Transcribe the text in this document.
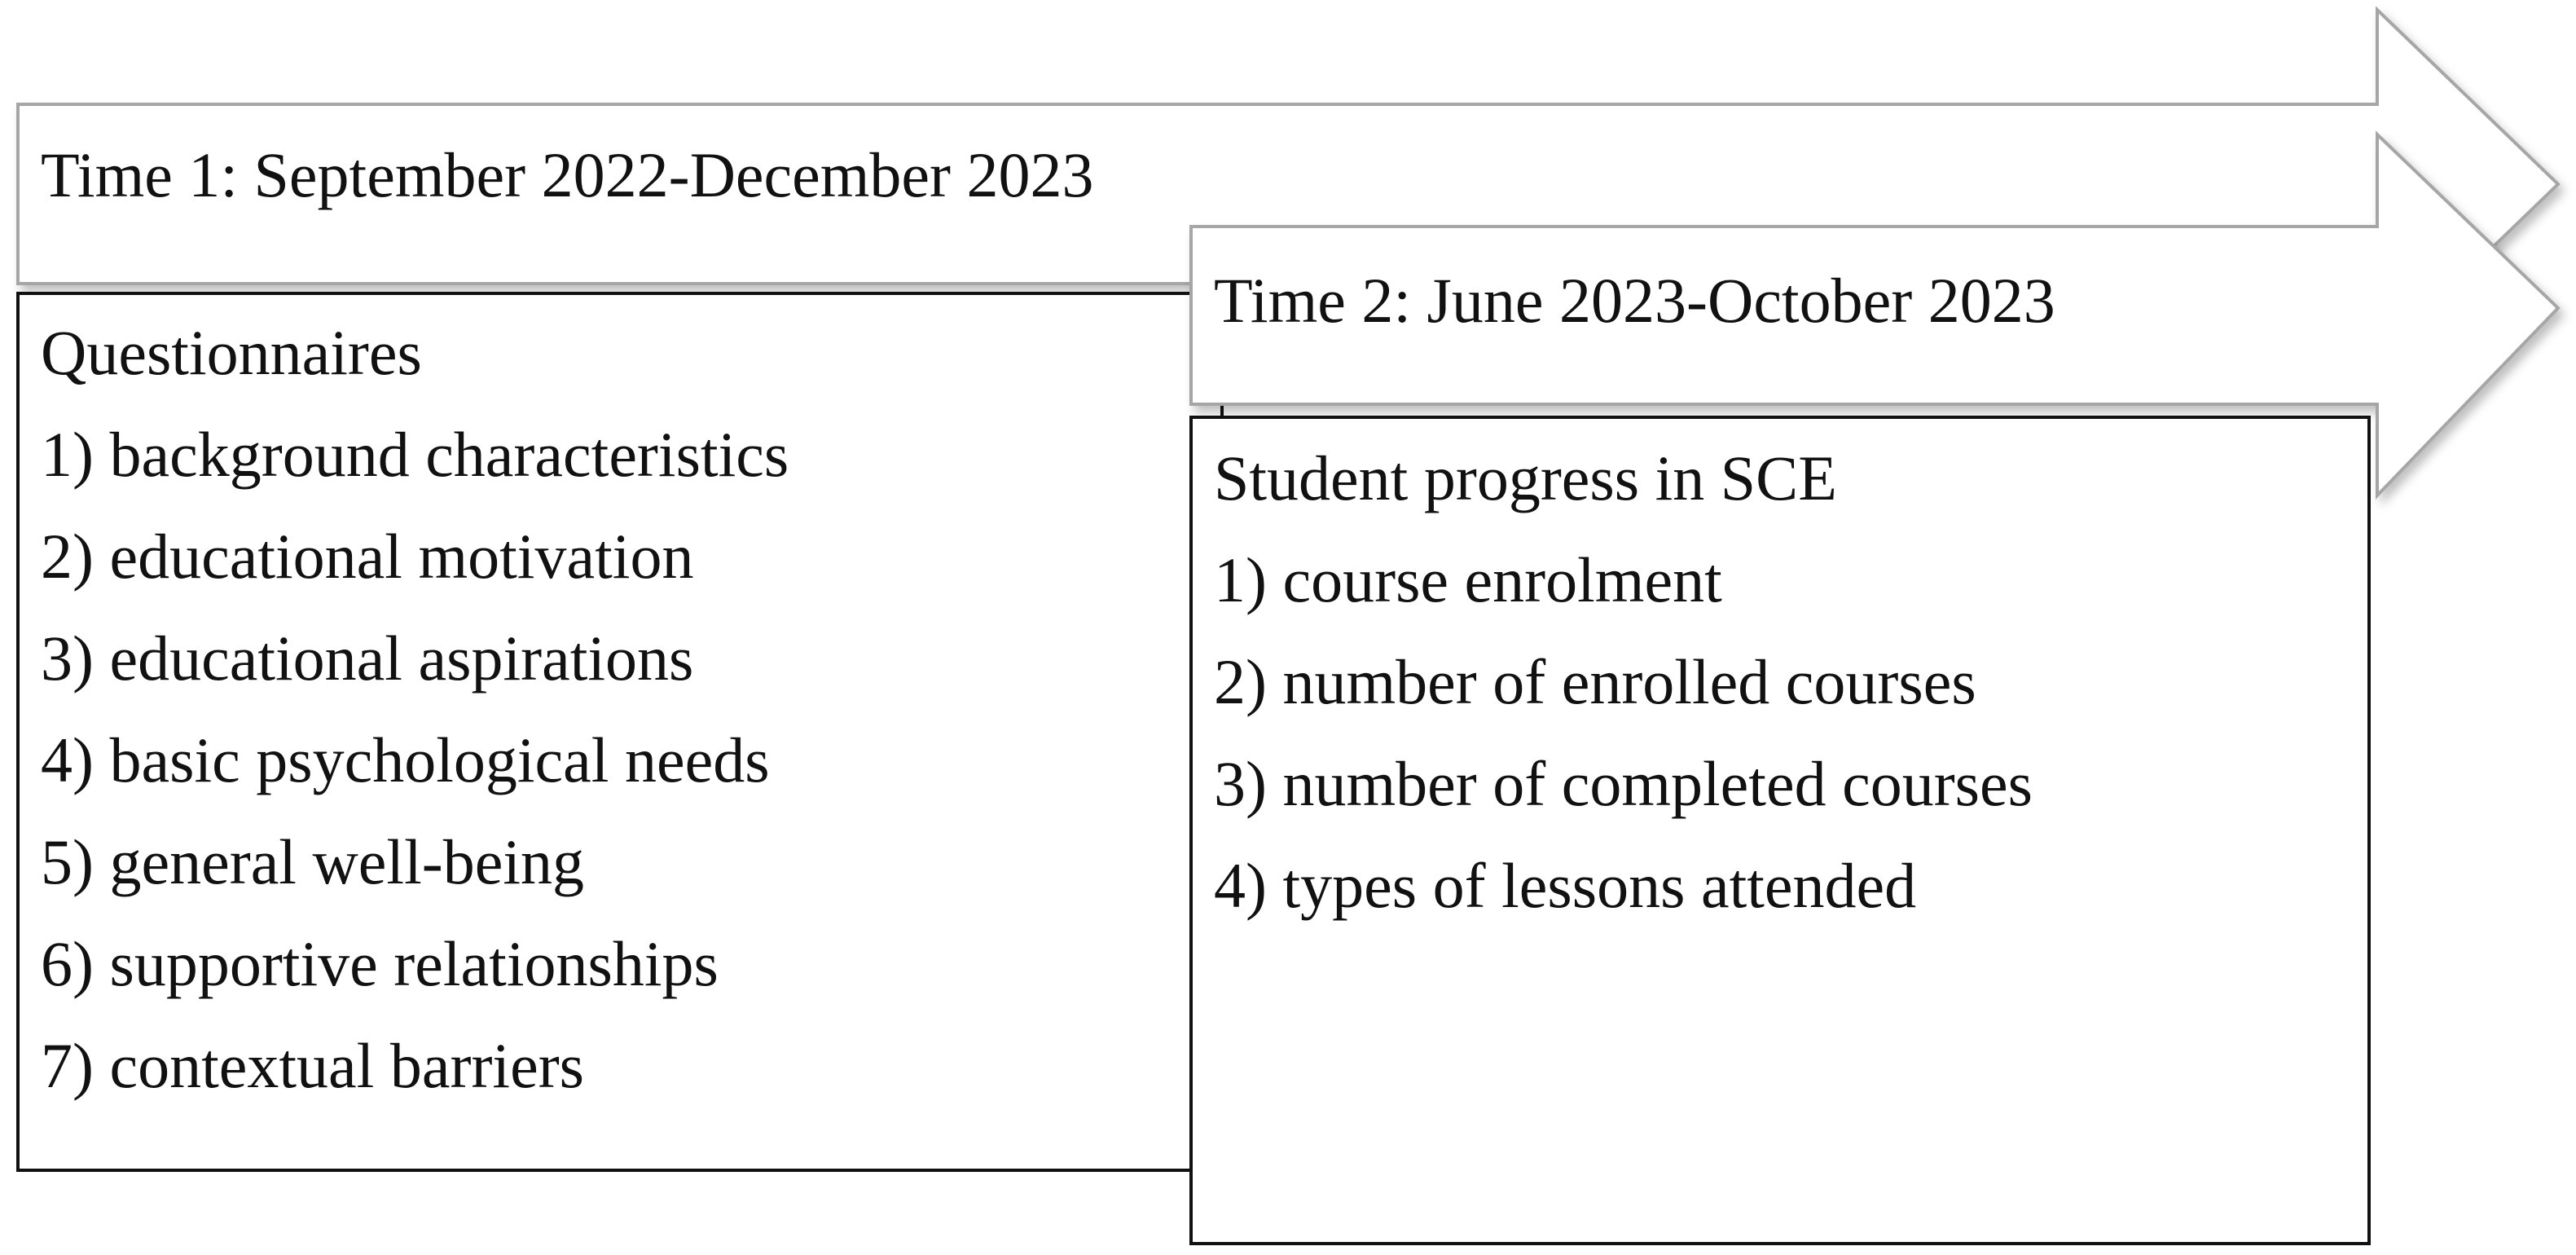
Time 1: September 2022-December 2023
Questionnaires
1) background characteristics
2) educational motivation
3) educational aspirations
4) basic psychological needs
5) general well-being
6) supportive relationships
7) contextual barriers
Time 2: June 2023-October 2023
Student progress in SCE
1) course enrolment
2) number of enrolled courses
3) number of completed courses
4) types of lessons attended
